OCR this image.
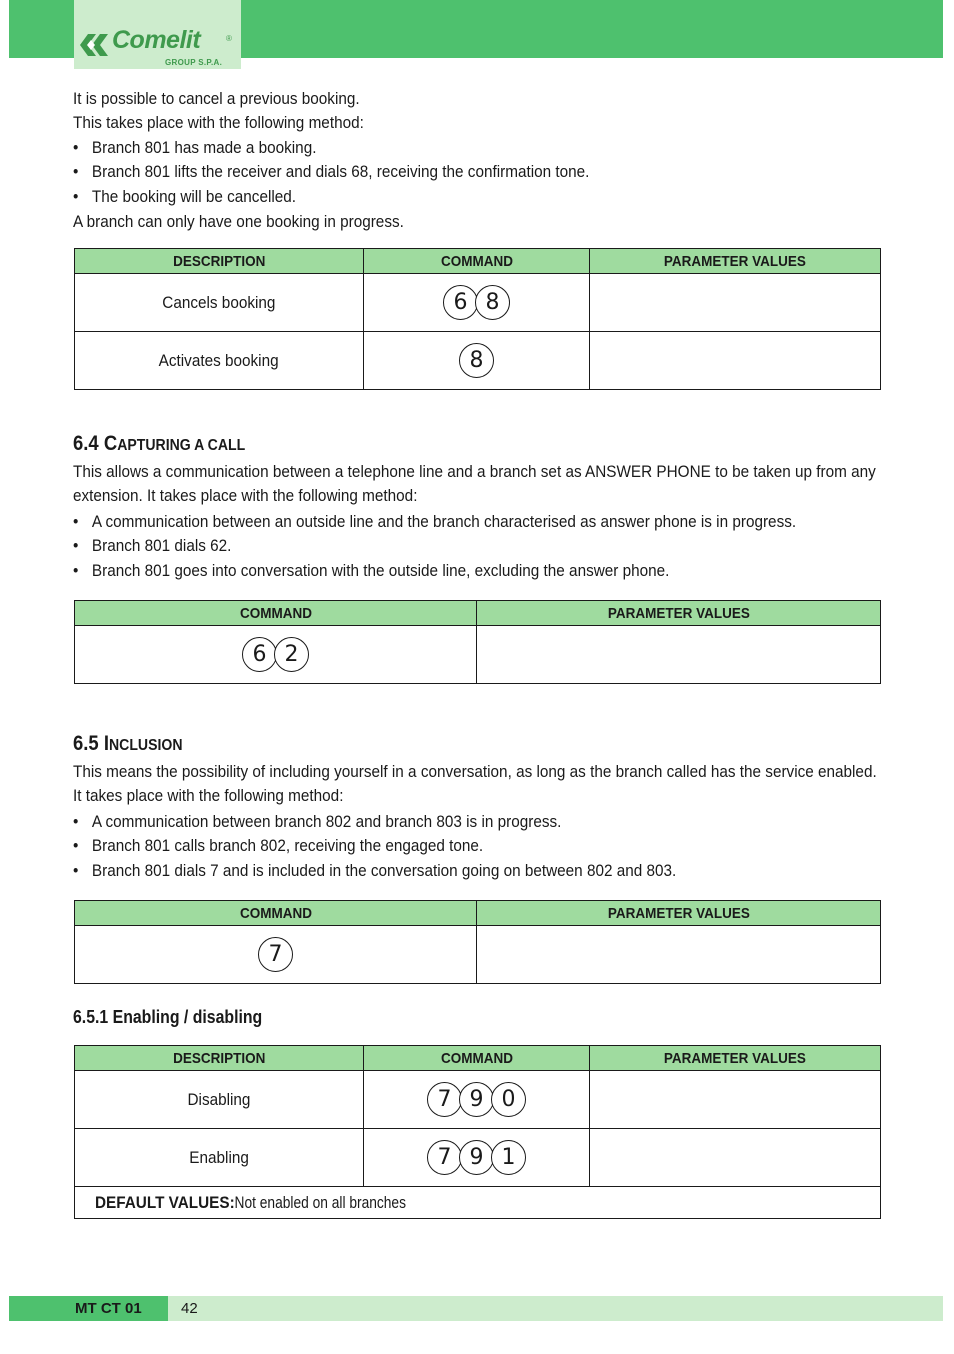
Comelit	®
GROUP S.P.A.
It is possible to cancel a previous booking.
This takes place with the following method:
• Branch 801 has made a booking.
• Branch 801 lifts the receiver and dials 68, receiving the confirmation tone.
• The booking will be cancelled.
A branch can only have one booking in progress.
6.4 CAPTURING A CALL
This allows a communication between a telephone line and a branch set as ANSWER PHONE to be taken up from any extension. It takes place with the following method:
• A communication between an outside line and the branch characterised as answer phone is in progress.
• Branch 801 dials 62.
• Branch 801 goes into conversation with the outside line, excluding the answer phone.
6.5 INCLUSION
This means the possibility of including yourself in a conversation, as long as the branch called has the service enabled. It takes place with the following method:
• A communication between branch 802 and branch 803 is in progress.
• Branch 801 calls branch 802, receiving the engaged tone.
• Branch 801 dials 7 and is included in the conversation going on between 802 and 803.
6.5.1 Enabling / disabling
DESCRIPTION	COMMAND	PARAMETER VALUES
Cancels booking	6 8	

Activates booking	8	

COMMAND	PARAMETER VALUES

6 2	

COMMAND	PARAMETER VALUES

7	

DESCRIPTION	COMMAND	PARAMETER VALUES
Disabling	7 9 0	

Enabling	7 9 1	

DEFAULT VALUES:Not enabled on all branches		
MT CT 01	42
